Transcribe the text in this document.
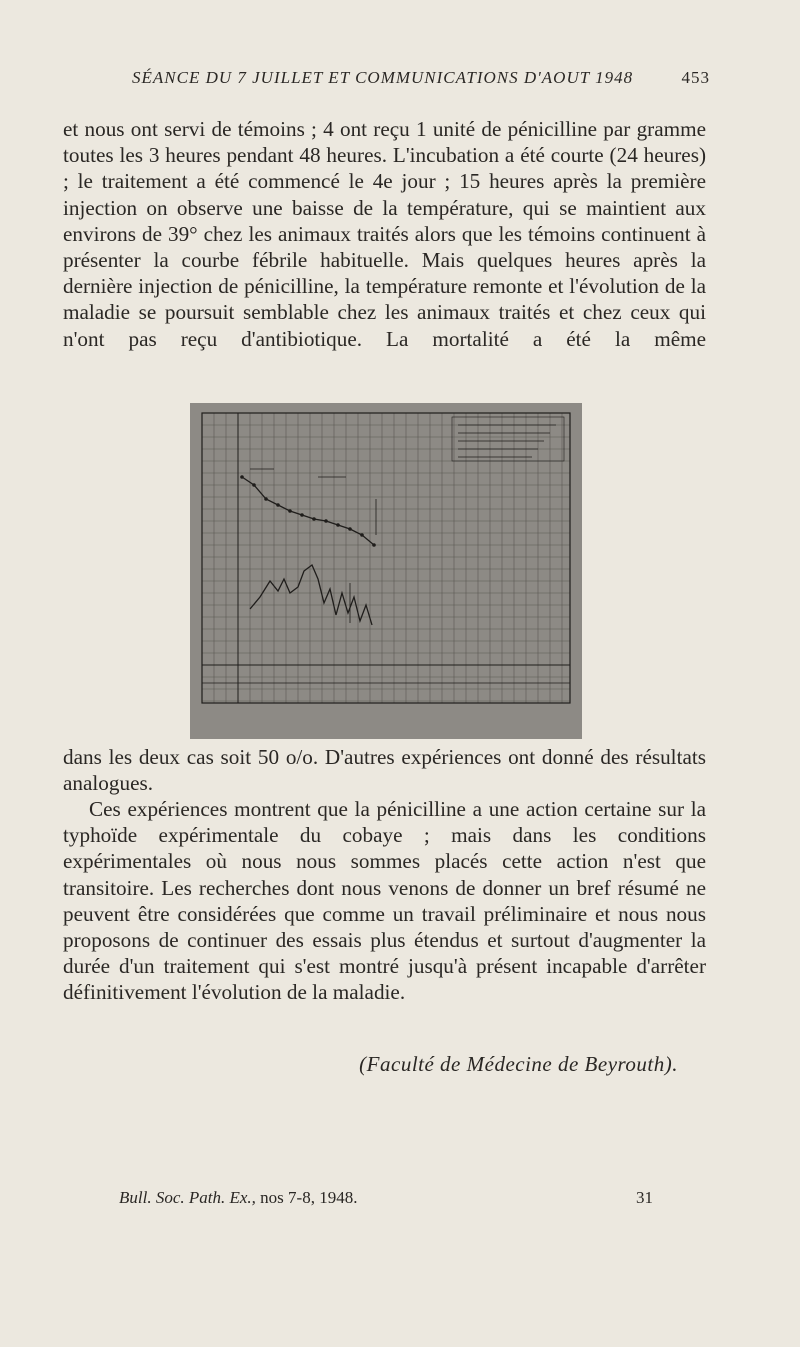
SÉANCE DU 7 JUILLET ET COMMUNICATIONS D'AOUT 1948	453
et nous ont servi de témoins ; 4 ont reçu 1 unité de pénicilline par gramme toutes les 3 heures pendant 48 heures. L'incubation a été courte (24 heures) ; le traitement a été commencé le 4e jour ; 15 heures après la première injection on observe une baisse de la température, qui se maintient aux environs de 39° chez les animaux traités alors que les témoins continuent à présenter la courbe fébrile habituelle. Mais quelques heures après la dernière injection de pénicilline, la température remonte et l'évolution de la maladie se poursuit semblable chez les animaux traités et chez ceux qui n'ont pas reçu d'antibiotique. La mortalité a été la même
dans les deux cas soit 50 o/o. D'autres expériences ont donné des résultats analogues.
Ces expériences montrent que la pénicilline a une action certaine sur la typhoïde expérimentale du cobaye ; mais dans les conditions expérimentales où nous nous sommes placés cette action n'est que transitoire. Les recherches dont nous venons de donner un bref résumé ne peuvent être considérées que comme un travail préliminaire et nous nous proposons de continuer des essais plus étendus et surtout d'augmenter la durée d'un traitement qui s'est montré jusqu'à présent incapable d'arrêter définitivement l'évolution de la maladie.
(Faculté de Médecine de Beyrouth).
Bull. Soc. Path. Ex., nos 7-8, 1948.	31
